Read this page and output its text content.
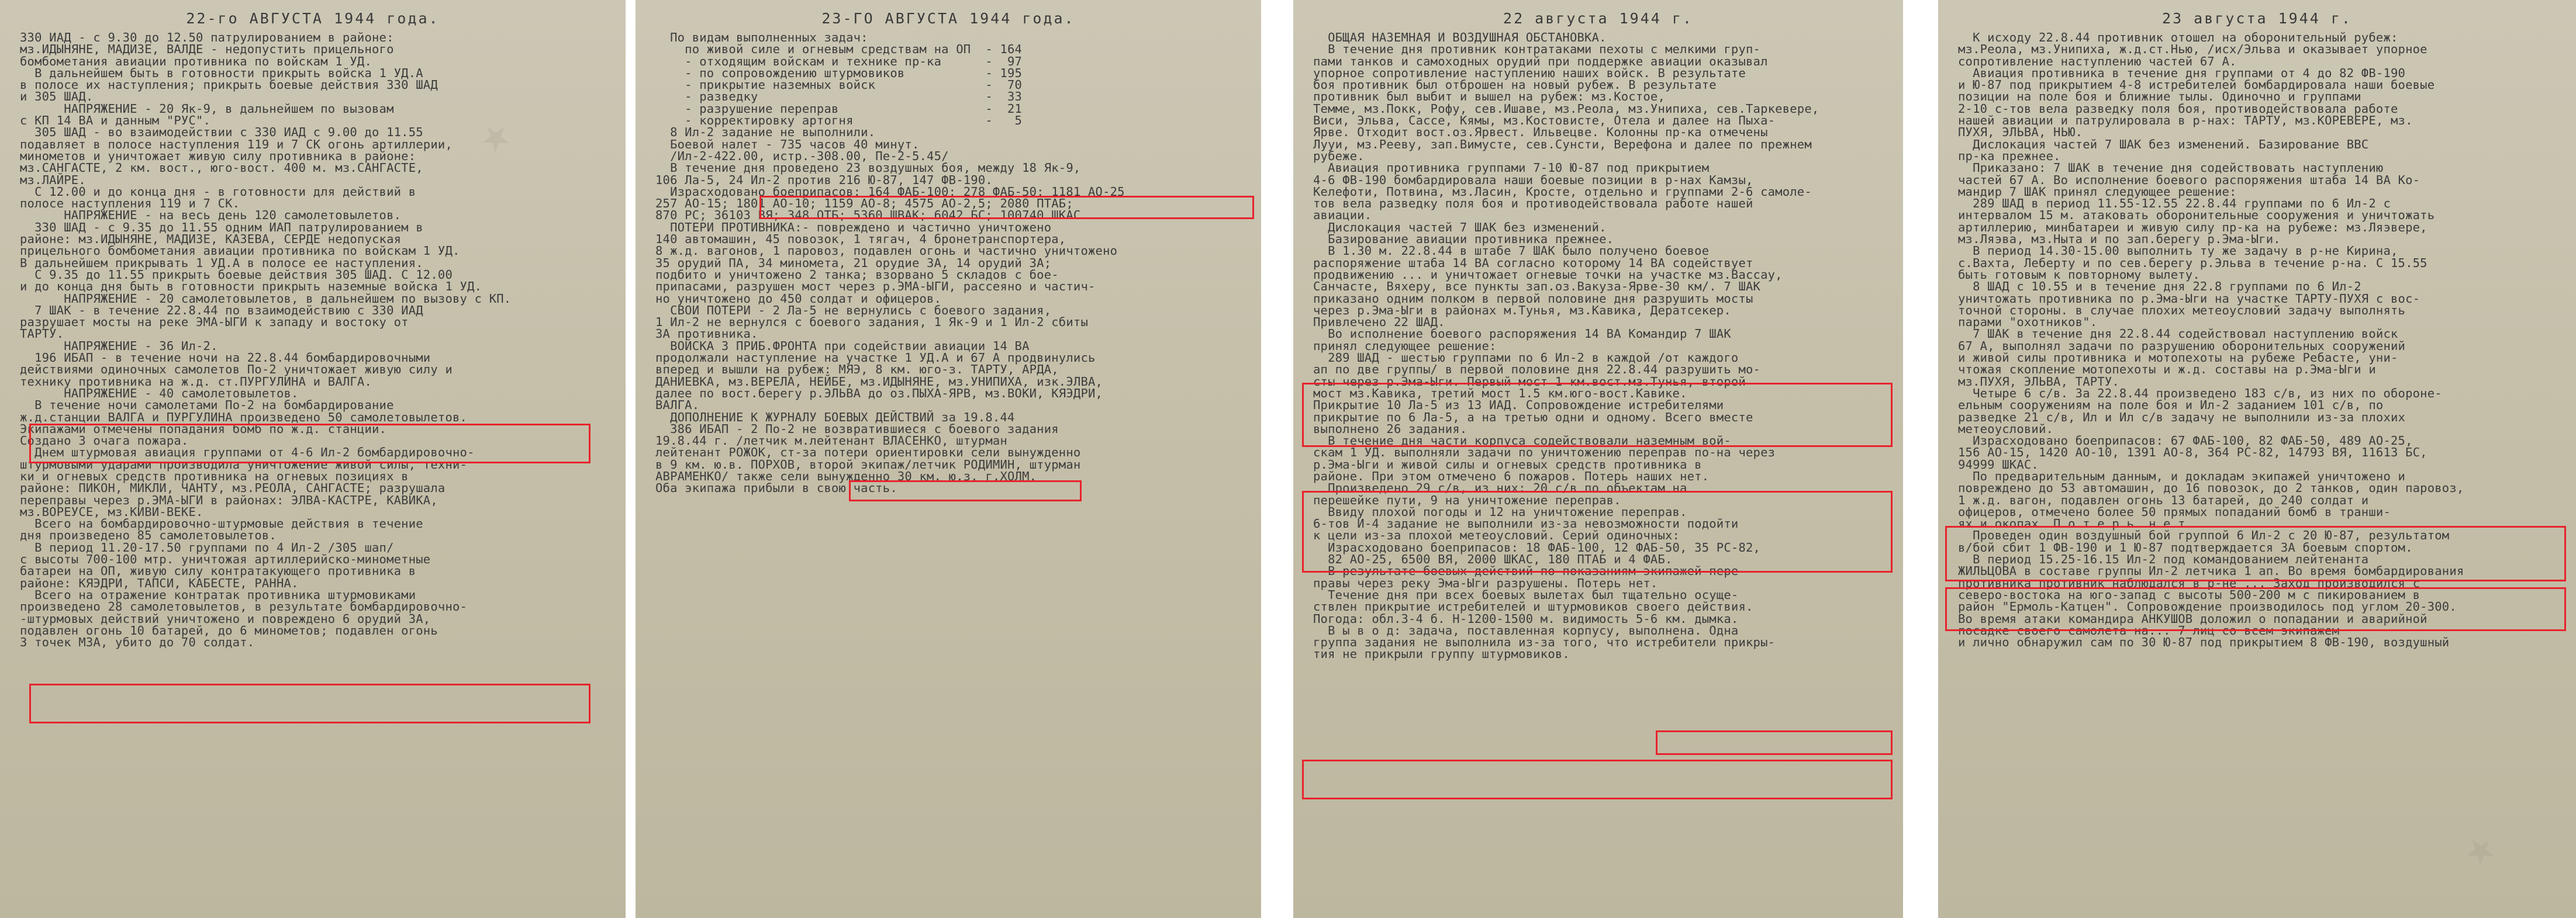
★
22-го АВГУСТА 1944 года.
330 ИАД - с 9.30 до 12.50 патрулированием в районе:
мз.ИДЫНЯНЕ, МАДИЗЕ, ВАЛДЕ - недопустить прицельного
бомбометания авиации противника по войскам 1 УД.
В дальнейшем быть в готовности прикрыть войска 1 УД.А
в полосе их наступления; прикрыть боевые действия 330 ШАД
и 305 ШАД.
НАПРЯЖЕНИЕ - 20 Як-9, в дальнейшем по вызовам
с КП 14 ВА и данным "РУС".
305 ШАД - во взаимодействии с 330 ИАД с 9.00 до 11.55
подавляет в полосе наступления 119 и 7 СК огонь артиллерии,
минометов и уничтожает живую силу противника в районе:
мз.САНГАСТЕ, 2 км. вост., юго-вост. 400 м. мз.САНГАСТЕ,
мз.ЛАЙРЕ.
С 12.00 и до конца дня - в готовности для действий в
полосе наступления 119 и 7 СК.
НАПРЯЖЕНИЕ - на весь день 120 самолетовылетов.
330 ШАД - с 9.35 до 11.55 одним ИАП патрулированием в
районе: мз.ИДЫНЯНЕ, МАДИЗЕ, КАЗЕВА, СЕРДЕ недопуская
прицельного бомбометания авиации противника по войскам 1 УД.
В дальнейшем прикрывать 1 УД.А в полосе ее наступления.
С 9.35 до 11.55 прикрыть боевые действия 305 ШАД. С 12.00
и до конца дня быть в готовности прикрыть наземные войска 1 УД.
НАПРЯЖЕНИЕ - 20 самолетовылетов, в дальнейшем по вызову с КП.
7 ШАК - в течение 22.8.44 по взаимодействию с 330 ИАД
разрушает мосты на реке ЭМА-ЫГИ к западу и востоку от
ТАРТУ.
НАПРЯЖЕНИЕ - 36 Ил-2.
196 ИБАП - в течение ночи на 22.8.44 бомбардировочными
действиями одиночных самолетов По-2 уничтожает живую силу и
технику противника на ж.д. ст.ПУРГУЛИНА и ВАЛГА.
НАПРЯЖЕНИЕ - 40 самолетовылетов.
В течение ночи самолетами По-2 на бомбардирование
ж.д.станции ВАЛГА и ПУРГУЛИНА произведено 50 самолетовылетов.
Экипажами отмечены попадания бомб по ж.д. станции.
Создано 3 очага пожара.
Днем штурмовая авиация группами от 4-6 Ил-2 бомбардировочно-
штурмовыми ударами производила уничтожение живой силы, техни-
ки и огневых средств противника на огневых позициях в
районе: ПИКОН, МИКЛИ, ЧАНТУ, мз.РЕОЛА, САНГАСТЕ; разрушала
переправы через р.ЭМА-ЫГИ в районах: ЭЛВА-КАСТРЕ, КАВИКА,
мз.ВОРЕУСЕ, мз.КИВИ-ВЕКЕ.
Всего на бомбардировочно-штурмовые действия в течение
дня произведено 85 самолетовылетов.
В период 11.20-17.50 группами по 4 Ил-2 /305 шап/
с высоты 700-100 мтр. уничтожая артиллерийско-минометные
батареи на ОП, живую силу контратакующего противника в
районе: КЯЭДРИ, ТАПСИ, КАБЕСТЕ, РАННА.
Всего на отражение контратак противника штурмовиками
произведено 28 самолетовылетов, в результате бомбардировочно-
-штурмовых действий уничтожено и повреждено 6 орудий ЗА,
подавлен огонь 10 батарей, до 6 минометов; подавлен огонь
3 точек МЗА, убито до 70 солдат.
23-ГО АВГУСТА 1944 года.
По видам выполненных задач:
по живой силе и огневым средствам на ОП  - 164
- отходящим войскам и технике пр-ка      -  97
- по сопровождению штурмовиков           - 195
- прикрытие наземных войск               -  70
- разведку                               -  33
- разрушение переправ                    -  21
- корректировку артогня                  -   5
8 Ил-2 задание не выполнили.
Боевой налет - 735 часов 40 минут.
/Ил-2-422.00, истр.-308.00, Пе-2-5.45/
В течение дня проведено 23 воздушных боя, между 18 Як-9,
106 Ла-5, 24 Ил-2 против 216 Ю-87, 147 ФВ-190.
Израсходовано боеприпасов: 164 ФАБ-100; 278 ФАБ-50; 1181 АО-25
257 АО-15; 1801 АО-10; 1159 АО-8; 4575 АО-2,5; 2080 ПТАБ;
870 РС; 36103 ВЯ; 348 ОТБ; 5360 ШВАК; 6042 БС; 100740 ШКАС.
ПОТЕРИ ПРОТИВНИКА:- повреждено и частично уничтожено
140 автомашин, 45 повозок, 1 тягач, 4 бронетранспортера,
8 ж.д. вагонов, 1 паровоз, подавлен огонь и частично уничтожено
35 орудий ПА, 34 миномета, 21 орудие ЗА, 14 орудий ЗА;
подбито и уничтожено 2 танка; взорвано 5 складов с бое-
припасами, разрушен мост через р.ЭМА-ЫГИ, рассеяно и частич-
но уничтожено до 450 солдат и офицеров.
СВОИ ПОТЕРИ - 2 Ла-5 не вернулись с боевого задания,
1 Ил-2 не вернулся с боевого задания, 1 Як-9 и 1 Ил-2 сбиты
ЗА противника.
ВОЙСКА 3 ПРИБ.ФРОНТА при содействии авиации 14 ВА
продолжали наступление на участке 1 УД.А и 67 А продвинулись
вперед и вышли на рубеж: МЯЭ, 8 км. юго-з. ТАРТУ, АРДА,
ДАНИЕВКА, мз.ВЕРЕЛА, НЕЙБЕ, мз.ИДЫНЯНЕ, мз.УНИПИХА, изк.ЭЛВА,
далее по вост.берегу р.ЭЛЬВА до оз.ПЫХА-ЯРВ, мз.ВОКИ, КЯЭДРИ,
ВАЛГА.
ДОПОЛНЕНИЕ К ЖУРНАЛУ БОЕВЫХ ДЕЙСТВИЙ за 19.8.44
386 ИБАП - 2 По-2 не возвратившиеся с боевого задания
19.8.44 г. /летчик м.лейтенант ВЛАСЕНКО, штурман
лейтенант РОЖОК, ст-за потери ориентировки сели вынужденно
в 9 км. ю.в. ПОРХОВ, второй экипаж/летчик РОДИМИН, штурман
АВРАМЕНКО/ также сели вынужденно 30 км. ю.з. г.ХОЛМ.
Оба экипажа прибыли в свою часть.
22 августа 1944 г.
ОБЩАЯ НАЗЕМНАЯ И ВОЗДУШНАЯ ОБСТАНОВКА.
В течение дня противник контратаками пехоты с мелкими груп-
пами танков и самоходных орудий при поддержке авиации оказывал
упорное сопротивление наступлению наших войск. В результате
боя противник был отброшен на новый рубеж. В результате
противник был выбит и вышел на рубеж: мз.Костое,
Темме, мз.Покк, Рофу, сев.Ишаве, мз.Реола, мз.Унипиха, сев.Таркевере,
Виси, Эльва, Сассе, Кямы, мз.Костовисте, Отела и далее на Пыха-
Ярве. Отходит вост.оз.Ярвест. Ильвецве. Колонны пр-ка отмечены
Лууи, мз.Рееву, зап.Вимусте, сев.Сунсти, Верефона и далее по прежнем
рубеже.
Авиация противника группами 7-10 Ю-87 под прикрытием
4-6 ФВ-190 бомбардировала наши боевые позиции в р-нах Камзы,
Келефоти, Потвина, мз.Ласин, Кросте, отдельно и группами 2-6 самоле-
тов вела разведку поля боя и противодействовала работе нашей
авиации.
Дислокация частей 7 ШАК без изменений.
Базирование авиации противника прежнее.
В 1.30 м. 22.8.44 в штабе 7 ШАК было получено боевое
распоряжение штаба 14 ВА согласно которому 14 ВА содействует
продвижению ... и уничтожает огневые точки на участке мз.Вассау,
Санчасте, Вяхеру, все пункты зап.оз.Вакуза-Ярве-30 км/. 7 ШАК
приказано одним полком в первой половине дня разрушить мосты
через р.Эма-Ыги в районах м.Тунья, мз.Кавика, Дератсекер.
Привлечено 22 ШАД.
Во исполнение боевого распоряжения 14 ВА Командир 7 ШАК
принял следующее решение:
289 ШАД - шестью группами по 6 Ил-2 в каждой /от каждого
ап по две группы/ в первой половине дня 22.8.44 разрушить мо-
сты через р.Эма-Ыги. Первый мост 1 км.вост.мз.Тунья, второй
мост мз.Кавика, третий мост 1.5 км.юго-вост.Кавике.
Прикрытие 10 Ла-5 из 13 ИАД. Сопровождение истребителями
прикрытие по 6 Ла-5, а на третью одни и одному. Всего вместе
выполнено 26 задания.
В течение дня части корпуса содействовали наземным вой-
скам 1 УД. выполняли задачи по уничтожению переправ по-на через
р.Эма-Ыги и живой силы и огневых средств противника в
районе. При этом отмечено 6 пожаров. Потерь наших нет.
Произведено 29 с/в, из них: 20 с/в по объектам на
перешейке пути, 9 на уничтожение переправ.
Ввиду плохой погоды и 12 на уничтожение переправ.
6-тов И-4 задание не выполнили из-за невозможности подойти
к цели из-за плохой метеоусловий. Серий одиночных:
Израсходовано боеприпасов: 18 ФАБ-100, 12 ФАБ-50, 35 РС-82,
82 АО-25, 6500 ВЯ, 2000 ШКАС, 180 ПТАБ и 4 ФАБ.
В результате боевых действий по показаниям экипажей пере-
правы через реку Эма-Ыги разрушены. Потерь нет.
Течение дня при всех боевых вылетах был тщательно осуще-
ствлен прикрытие истребителей и штурмовиков своего действия.
Погода: обл.3-4 б. Н-1200-1500 м. видимость 5-6 км. дымка.
В ы в о д: задача, поставленная корпусу, выполнена. Одна
группа задания не выполнила из-за того, что истребители прикры-
тия не прикрыли группу штурмовиков.
★
23 августа 1944 г.
К исходу 22.8.44 противник отошел на оборонительный рубеж:
мз.Реола, мз.Унипиха, ж.д.ст.Нью, /исх/Эльва и оказывает упорное
сопротивление наступлению частей 67 А.
Авиация противника в течение дня группами от 4 до 82 ФВ-190
и Ю-87 под прикрытием 4-8 истребителей бомбардировала наши боевые
позиции на поле боя и ближние тылы. Одиночно и группами
2-10 с-тов вела разведку поля боя, противодействовала работе
нашей авиации и патрулировала в р-нах: ТАРТУ, мз.КОРЕВЕРЕ, мз.
ПУХЯ, ЭЛЬВА, НЬЮ.
Дислокация частей 7 ШАК без изменений. Базирование ВВС
пр-ка прежнее.
Приказано: 7 ШАК в течение дня содействовать наступлению
частей 67 А. Во исполнение боевого распоряжения штаба 14 ВА Ко-
мандир 7 ШАК принял следующее решение:
289 ШАД в период 11.55-12.55 22.8.44 группами по 6 Ил-2 с
интервалом 15 м. атаковать оборонительные сооружения и уничтожать
артиллерию, минбатареи и живую силу пр-ка на рубеже: мз.Ляэвере,
мз.Ляэва, мз.Ныта и по зап.берегу р.Эма-Ыги.
В период 14.30-15.00 выполнить ту же задачу в р-не Кирина,
с.Вахта, Леберту и по сев.берегу р.Эльва в течение р-на. С 15.55
быть готовым к повторному вылету.
8 ШАД с 10.55 и в течение дня 22.8 группами по 6 Ил-2
уничтожать противника по р.Эма-Ыги на участке ТАРТУ-ПУХЯ с вос-
точной стороны. в случае плохих метеоусловий задачу выполнять
парами "охотников".
7 ШАК в течение дня 22.8.44 содействовал наступлению войск
67 А, выполнял задачи по разрушению оборонительных сооружений
и живой силы противника и мотопехоты на рубеже Ребасте, уни-
чтожая скопление мотопехоты и ж.д. составы на р.Эма-Ыги и
мз.ПУХЯ, ЭЛЬВА, ТАРТУ.
Четыре 6 с/в. За 22.8.44 произведено 183 с/в, из них по обороне-
ельным сооружениям на поле боя и Ил-2 заданием 101 с/в, по
разведке 21 с/в, Ил и Ил с/в задачу не выполнили из-за плохих
метеоусловий.
Израсходовано боеприпасов: 67 ФАБ-100, 82 ФАБ-50, 489 АО-25,
156 АО-15, 1420 АО-10, 1391 АО-8, 364 РС-82, 14793 ВЯ, 11613 БС,
94999 ШКАС.
По предварительным данным, и докладам экипажей уничтожено и
повреждено до 53 автомашин, до 16 повозок, до 2 танков, один паровоз,
1 ж.д. вагон, подавлен огонь 13 батарей, до 240 солдат и
офицеров, отмечено более 50 прямых попаданий бомб в транши-
ях и окопах. П о т е р ь  н е т.
Проведен один воздушный бой группой 6 Ил-2 с 20 Ю-87, результатом
в/бой сбит 1 ФВ-190 и 1 Ю-87 подтверждается ЗА боевым спортом.
В период 15.25-16.15 Ил-2 под командованием лейтенанта
ЖИЛЬЦОВА в составе группы Ил-2 летчика 1 ап. Во время бомбардирования
противника противник наблюдался в р-не ... Заход производился с
северо-востока на юго-запад с высоты 500-200 м с пикированием в
район "Ермоль-Катцен". Сопровождение производилось под углом 20-300.
Во время атаки командира АНКУШОВ доложил о попадании и аварийной
посадке своего самолета на... 7 лиц со всем экипажем
и лично обнаружил сам по 30 Ю-87 под прикрытием 8 ФВ-190, воздушный
